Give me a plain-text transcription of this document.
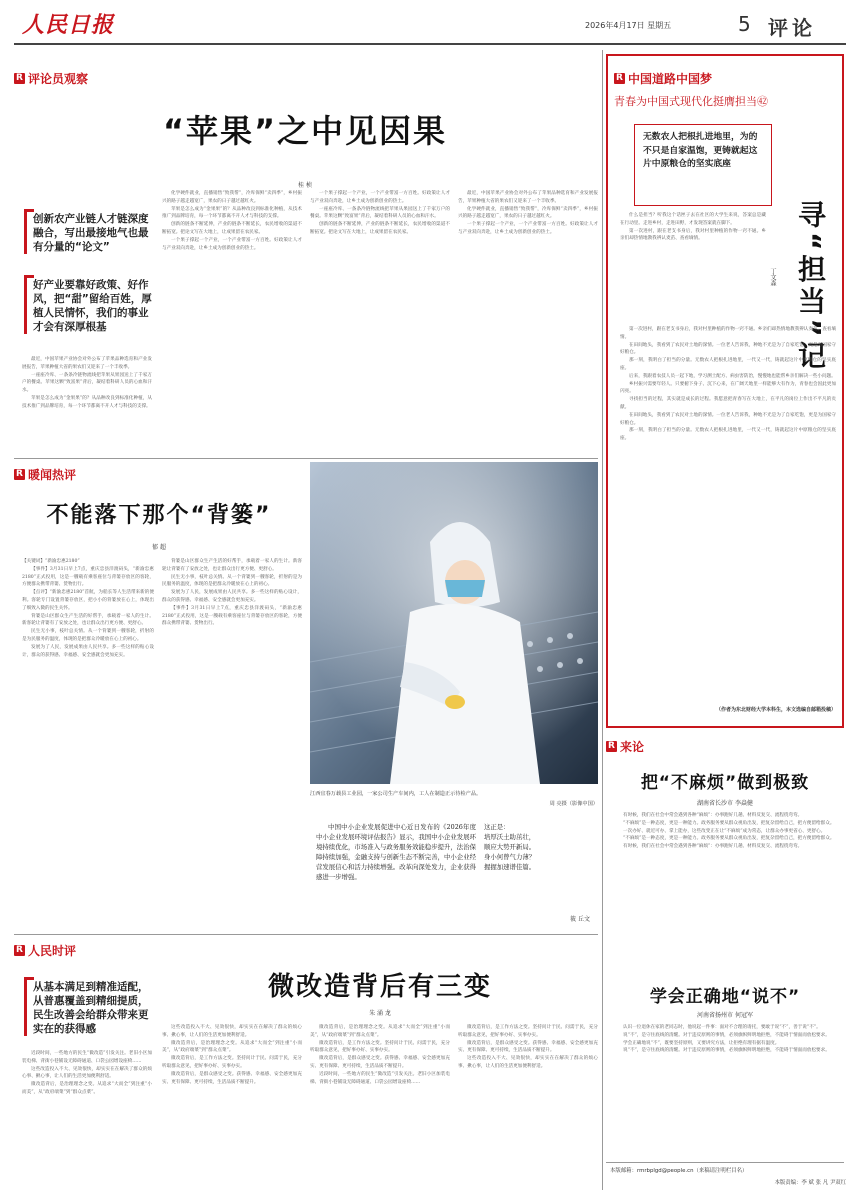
人民日报	2026年4月17日 星期五	5 评论
R 评论员观察
“苹果”之中见因果
桂 桢
创新农产业链人才链深度融合，写出最接地气也最有分量的“论文”
好产业要靠好政策、好作风，把“甜”留给百姓，厚植人民情怀，我们的事业才会有深厚根基

最近，中国苹果产业协会对外公布了苹果品种选育和产业发展报告，苹果种植大省的果农们又迎来了一个丰收季。

一座座冷库、一条条冷链物流线把苹果从果园送上了千家万户的餐桌。苹果这颗“致富果”背后，凝结着科研人员的心血和汗水。

苹果是怎么成为“金果果”的？从品种改良到标准化种植，从技术推广到品牌培育，每一个环节都离不开人才与科技的支撑。

化学硬件就业，直播销售“致我帮”，冷库保鲜“卖四季”，乡村振兴的路子越走越宽广，果农的日子越过越红火。

苹果是怎么成为“金果果”的？从品种改良到标准化种植，从技术推广到品牌培育，每一个环节都离不开人才与科技的支撑。

创新的链条不断延伸，产业的链条不断延长，农民增收的渠道不断拓宽。把论文写在大地上，让成果留在农民家。

一个果子撑起一个产业，一个产业带富一方百姓。好政策让人才与产业双向奔赴，让乡土成为创新创业的热土。

一个果子撑起一个产业，一个产业带富一方百姓。好政策让人才与产业双向奔赴，让乡土成为创新创业的热土。

一座座冷库、一条条冷链物流线把苹果从果园送上了千家万户的餐桌。苹果这颗“致富果”背后，凝结着科研人员的心血和汗水。

创新的链条不断延伸，产业的链条不断延长，农民增收的渠道不断拓宽。把论文写在大地上，让成果留在农民家。

最近，中国苹果产业协会对外公布了苹果品种选育和产业发展报告，苹果种植大省的果农们又迎来了一个丰收季。

化学硬件就业，直播销售“致我帮”，冷库保鲜“卖四季”，乡村振兴的路子越走越宽广，果农的日子越过越红火。

一个果子撑起一个产业，一个产业带富一方百姓。好政策让人才与产业双向奔赴，让乡土成为创新创业的热土。

R 暖闻热评
不能落下那个“背篓”
郁 超

【关键词】“新渝忠惠2180”

【事件】3月31日早上7点，重庆忠县洋渡码头，“新渝忠惠2180”正式投用，这是一艘载有乘客座位与背篓存放区的客轮，方便群众携带背篓、货物出行。

【点评】“新渝忠惠2180”首航，为船长等人生活带来新的便利。客轮专门设置背篓存放区，把小小的背篓放在心上，体现出了细致入微的民生关怀。

背篓是山区群众生产生活的好帮手，承载着一家人的生计。新客轮让背篓有了安放之处，也让群众出行更方便、更舒心。

民生无小事，枝叶总关情。从一个背篓到一艘客轮，折射的是为民服务的温度，体现的是把群众冷暖放在心上的初心。

发展为了人民，发展成果由人民共享。多一些这样的贴心设计，群众的获得感、幸福感、安全感就会更加充实。

背篓是山区群众生产生活的好帮手，承载着一家人的生计。新客轮让背篓有了安放之处，也让群众出行更方便、更舒心。

民生无小事，枝叶总关情。从一个背篓到一艘客轮，折射的是为民服务的温度，体现的是把群众冷暖放在心上的初心。

发展为了人民，发展成果由人民共享。多一些这样的贴心设计，群众的获得感、幸福感、安全感就会更加充实。

【事件】3月31日早上7点，重庆忠县洋渡码头，“新渝忠惠2180”正式投用，这是一艘载有乘客座位与背篓存放区的客轮，方便群众携带背篓、货物出行。

江西宜春万载县工业园，一家公司生产车间内，工人在制造正示待检产品。
周 亮摄（影像中国）
中国中小企业发展促进中心近日发布的《2026年度中小企业发展环境评估报告》显示，我国中小企业发展环境持续优化，市场准入与政务服务效能稳步提升，法治保障持续加强，金融支持与创新生态不断完善，中小企业经营发展信心和活力持续增强。改革向深处发力，企业获得感进一步增强。
这正是：
培厚沃土助茁壮，
顺应大势开新局。
身小何曾气力薄？
握握加速谱佳篇。
筱 丘文
R 人民时评
微改造背后有三变
朱 涌 龙
从基本满足到精准适配，从普惠覆盖到精细提质，民生改善会给群众带来更实在的获得感

近段时间，一些地方的民生“微改造”引发关注。老旧小区加装电梯、背街小巷铺设无障碍通道、口袋公园增设座椅……

这些改造投入不大、见效很快，却实实在在解决了群众的烦心事、揪心事，让人们的生活更加便利舒适。

微改造背后，是治理理念之变。从追求“大而全”到注重“小而美”，从“政府端菜”到“群众点菜”。

这些改造投入不大、见效很快，却实实在在解决了群众的烦心事、揪心事，让人们的生活更加便利舒适。

微改造背后，是治理理念之变。从追求“大而全”到注重“小而美”，从“政府端菜”到“群众点菜”。

微改造背后，是工作方法之变。坚持问计于民、问需于民，充分听取群众意见，把好事办好、实事办实。

微改造背后，是群众感受之变。获得感、幸福感、安全感更加充实、更有保障、更可持续，生活品质不断提升。

微改造背后，是治理理念之变。从追求“大而全”到注重“小而美”，从“政府端菜”到“群众点菜”。

微改造背后，是工作方法之变。坚持问计于民、问需于民，充分听取群众意见，把好事办好、实事办实。

微改造背后，是群众感受之变。获得感、幸福感、安全感更加充实、更有保障、更可持续，生活品质不断提升。

近段时间，一些地方的民生“微改造”引发关注。老旧小区加装电梯、背街小巷铺设无障碍通道、口袋公园增设座椅……

微改造背后，是工作方法之变。坚持问计于民、问需于民，充分听取群众意见，把好事办好、实事办实。

微改造背后，是群众感受之变。获得感、幸福感、安全感更加充实、更有保障、更可持续，生活品质不断提升。

这些改造投入不大、见效很快，却实实在在解决了群众的烦心事、揪心事，让人们的生活更加便利舒适。

R 中国道路中国梦
青春为中国式现代化挺膺担当㊷
无数农人把根扎进地里，为的不只是自家温饱，更铸就起这片中原粮仓的坚实底座
寻“担当”记
丁文森

什么是担当？听我这个话匣子去在社区的大学生来说，答案总是藏在行动里。走进乡村，走进田野，才发现答案就在脚下。

第一次进村，跟在老支书身后，我对村里种植的作物一窍不通。乡亲们却热情地教我辨认麦苗、查看墒情。

第一次进村，跟在老支书身后，我对村里种植的作物一窍不通。乡亲们却热情地教我辨认麦苗、查看墒情。

在田间地头，我看到了农民对土地的深情。一位老人告诉我，种地不光是为了自家吃饱，更是为国家守好粮仓。

那一刻，我明白了担当的分量。无数农人把根扎进地里，一代又一代，铸就起这片中原粮仓的坚实底座。

后来，我跟着农技人员一起下地，学习测土配方、病虫害防治，慢慢地也能帮乡亲们解决一些小问题。

乡村振兴需要年轻人。只要俯下身子、沉下心来，在广阔天地里一样能够大有作为，青春也会因此更加闪亮。

寻找担当的过程，其实就是成长的过程。我愿意把青春写在大地上，在平凡的岗位上作出不平凡的贡献。

在田间地头，我看到了农民对土地的深情。一位老人告诉我，种地不光是为了自家吃饱，更是为国家守好粮仓。

那一刻，我明白了担当的分量。无数农人把根扎进地里，一代又一代，铸就起这片中原粮仓的坚实底座。

（作者为东北财经大学本科生，本文选编自邮箱投稿）
R 来论
把“不麻烦”做到极致
湖南省长沙市 李焱健

有时候，我们在社会中常会遇到各种“麻烦”：办事跑好几趟、材料反复交、流程绕弯弯。

“不麻烦”是一种态度，更是一种能力。政务服务要从群众视角出发，把复杂留给自己，把方便留给群众。

一次办好、就近可办、掌上能办，这些改变正在让“不麻烦”成为常态，让群众办事更省心、更舒心。

“不麻烦”是一种态度，更是一种能力。政务服务要从群众视角出发，把复杂留给自己，把方便留给群众。

有时候，我们在社会中常会遇到各种“麻烦”：办事跑好几趟、材料反复交、流程绕弯弯。

学会正确地“说不”
河南省扬州市 何冠军

认识一位退休在家的老同志时，他说起一件事：面对不合理的请托，要敢于说“不”，善于说“不”。

说“不”，是守住底线的清醒。对于违反原则的事情，必须旗帜鲜明地拒绝，不能碍于情面而放松要求。

学会正确地说“不”，既要坚持原则，又要讲究方法，让拒绝有理有据有温度。

说“不”，是守住底线的清醒。对于违反原则的事情，必须旗帜鲜明地拒绝，不能碍于情面而放松要求。

本版邮箱：rmrbplgd@people.cn（来稿请注明栏目名）
本版责编：李 斌 张 凡 尹双红
